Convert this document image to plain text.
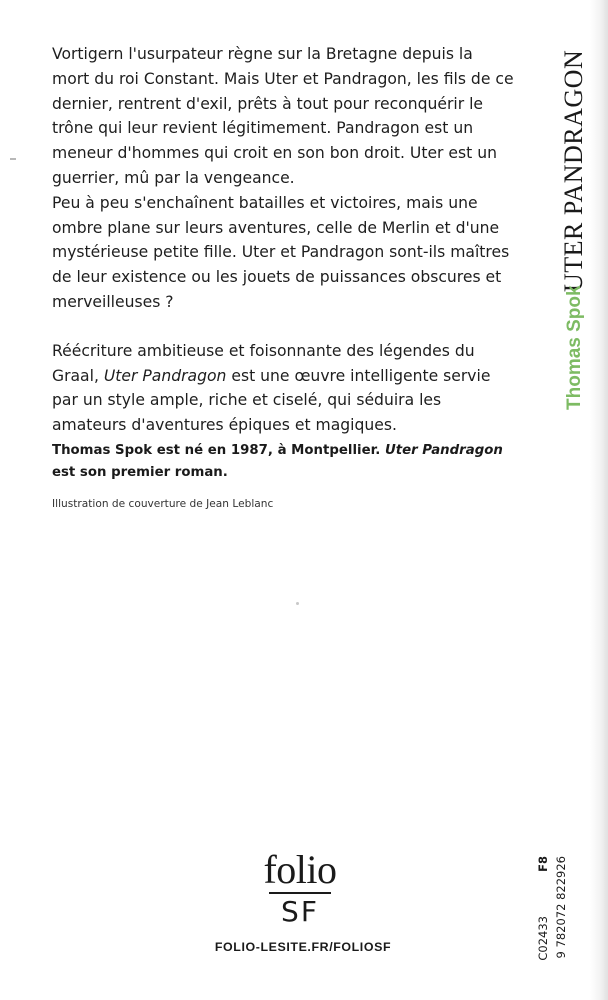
Vortigern l'usurpateur règne sur la Bretagne depuis la mort du roi Constant. Mais Uter et Pandragon, les fils de ce dernier, rentrent d'exil, prêts à tout pour reconquérir le trône qui leur revient légitimement. Pandragon est un meneur d'hommes qui croit en son bon droit. Uter est un guerrier, mû par la vengeance.

Peu à peu s'enchaînent batailles et victoires, mais une ombre plane sur leurs aventures, celle de Merlin et d'une mystérieuse petite fille. Uter et Pandragon sont-ils maîtres de leur existence ou les jouets de puissances obscures et merveilleuses ?

Réécriture ambitieuse et foisonnante des légendes du Graal, Uter Pandragon est une œuvre intelligente servie par un style ample, riche et ciselé, qui séduira les amateurs d'aventures épiques et magiques.

Thomas Spok est né en 1987, à Montpellier. Uter Pandragon est son premier roman.
Illustration de couverture de Jean Leblanc
UTER PANDRAGON
Thomas Spok
folio
SF
FOLIO-LESITE.FR/FOLIOSF
F8
C02433 9 782072 822926
